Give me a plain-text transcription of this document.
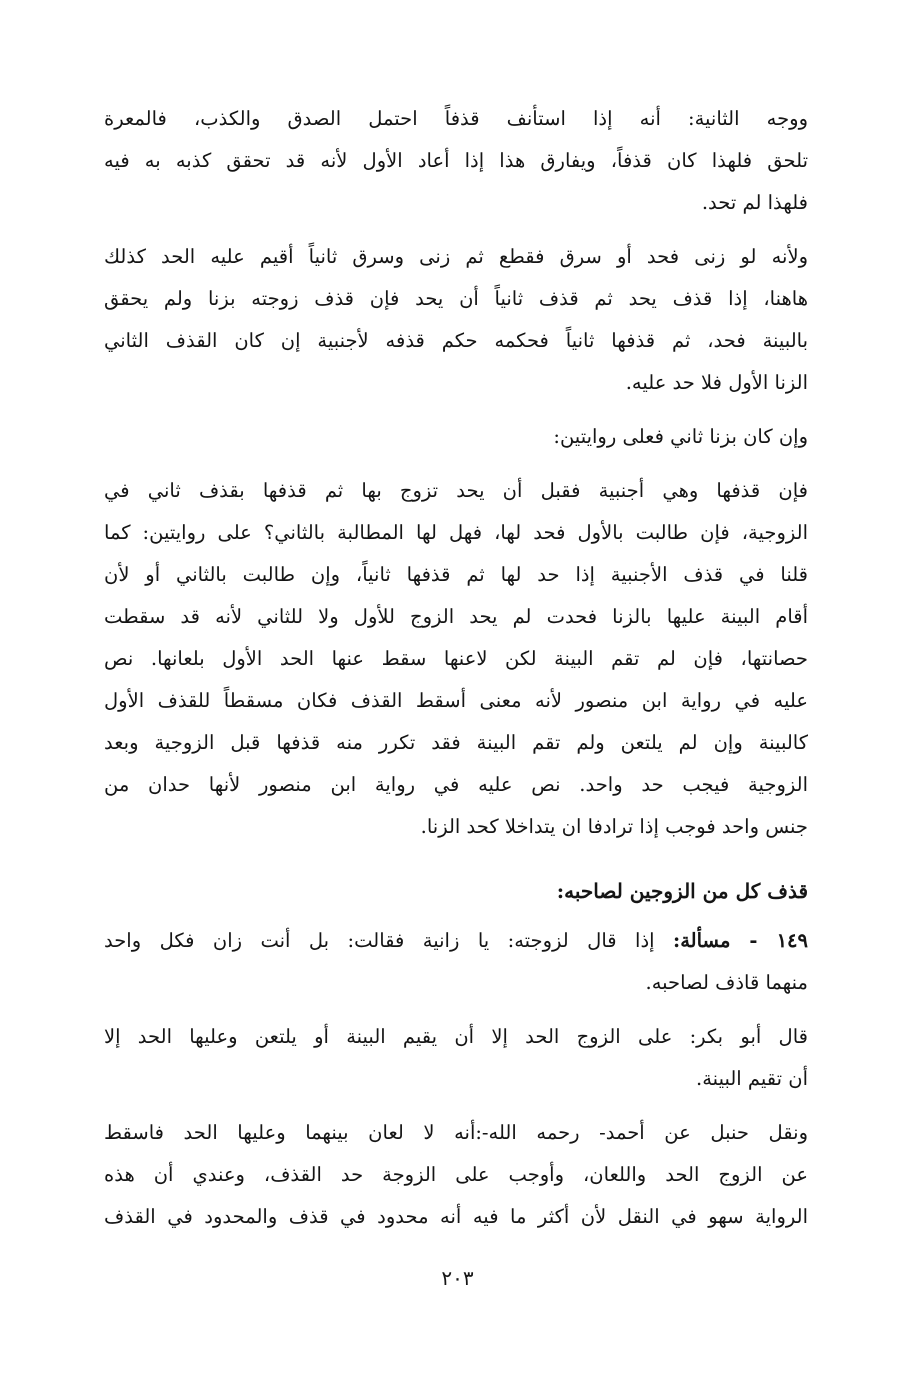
ووجه الثانية: أنه إذا استأنف قذفاً احتمل الصدق والكذب، فالمعرة
تلحق فلهذا كان قذفاً، ويفارق هذا إذا أعاد الأول لأنه قد تحقق كذبه به فيه
فلهذا لم تحد.
ولأنه لو زنى فحد أو سرق فقطع ثم زنى وسرق ثانياً أقيم عليه الحد كذلك
هاهنا، إذا قذف يحد ثم قذف ثانياً أن يحد فإن قذف زوجته بزنا ولم يحقق
بالبينة فحد، ثم قذفها ثانياً فحكمه حكم قذفه لأجنبية إن كان القذف الثاني
الزنا الأول فلا حد عليه.
وإن كان بزنا ثاني فعلى روايتين:
فإن قذفها وهي أجنبية فقبل أن يحد تزوج بها ثم قذفها بقذف ثاني في
الزوجية، فإن طالبت بالأول فحد لها، فهل لها المطالبة بالثاني؟ على روايتين: كما
قلنا في قذف الأجنبية إذا حد لها ثم قذفها ثانياً، وإن طالبت بالثاني أو لأن
أقام البينة عليها بالزنا فحدت لم يحد الزوج للأول ولا للثاني لأنه قد سقطت
حصانتها، فإن لم تقم البينة لكن لاعنها سقط عنها الحد الأول بلعانها. نص
عليه في رواية ابن منصور لأنه معنى أسقط القذف فكان مسقطاً للقذف الأول
كالبينة وإن لم يلتعن ولم تقم البينة فقد تكرر منه قذفها قبل الزوجية وبعد
الزوجية فيجب حد واحد. نص عليه في رواية ابن منصور لأنها حدان من
جنس واحد فوجب إذا ترادفا ان يتداخلا كحد الزنا.
قذف كل من الزوجين لصاحبه:
١٤٩ - مسألة: إذا قال لزوجته: يا زانية فقالت: بل أنت زان فكل واحد
منهما قاذف لصاحبه.
قال أبو بكر: على الزوج الحد إلا أن يقيم البينة أو يلتعن وعليها الحد إلا
أن تقيم البينة.
ونقل حنبل عن أحمد- رحمه الله-:أنه لا لعان بينهما وعليها الحد فاسقط
عن الزوج الحد واللعان، وأوجب على الزوجة حد القذف، وعندي أن هذه
الرواية سهو في النقل لأن أكثر ما فيه أنه محدود في قذف والمحدود في القذف
٢٠٣
